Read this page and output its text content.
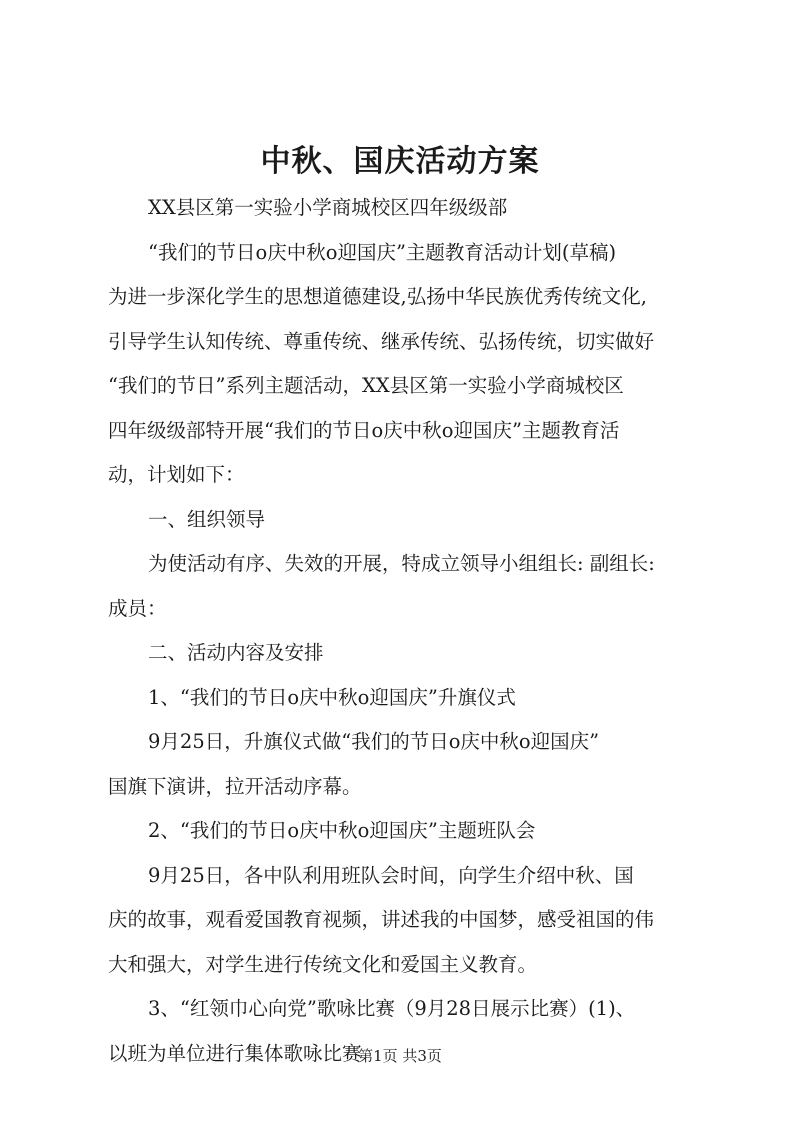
中秋、国庆活动方案
XX县区第一实验小学商城校区四年级级部
“我们的节日o庆中秋o迎国庆”主题教育活动计划(草稿)
为进一步深化学生的思想道德建设,弘扬中华民族优秀传统文化,
引导学生认知传统、尊重传统、继承传统、弘扬传统，切实做好
“我们的节日”系列主题活动，XX县区第一实验小学商城校区
四年级级部特开展“我们的节日o庆中秋o迎国庆”主题教育活
动，计划如下：
一、组织领导
为使活动有序、失效的开展，特成立领导小组组长: 副组长:
成员：
二、活动内容及安排
1、“我们的节日o庆中秋o迎国庆”升旗仪式
9月25日，升旗仪式做“我们的节日o庆中秋o迎国庆”
国旗下演讲，拉开活动序幕。
2、“我们的节日o庆中秋o迎国庆”主题班队会
9月25日，各中队利用班队会时间，向学生介绍中秋、国
庆的故事，观看爱国教育视频，讲述我的中国梦，感受祖国的伟
大和强大，对学生进行传统文化和爱国主义教育。
3、“红领巾心向党”歌咏比赛（9月28日展示比赛）(1)、
以班为单位进行集体歌咏比赛
第1页 共3页
